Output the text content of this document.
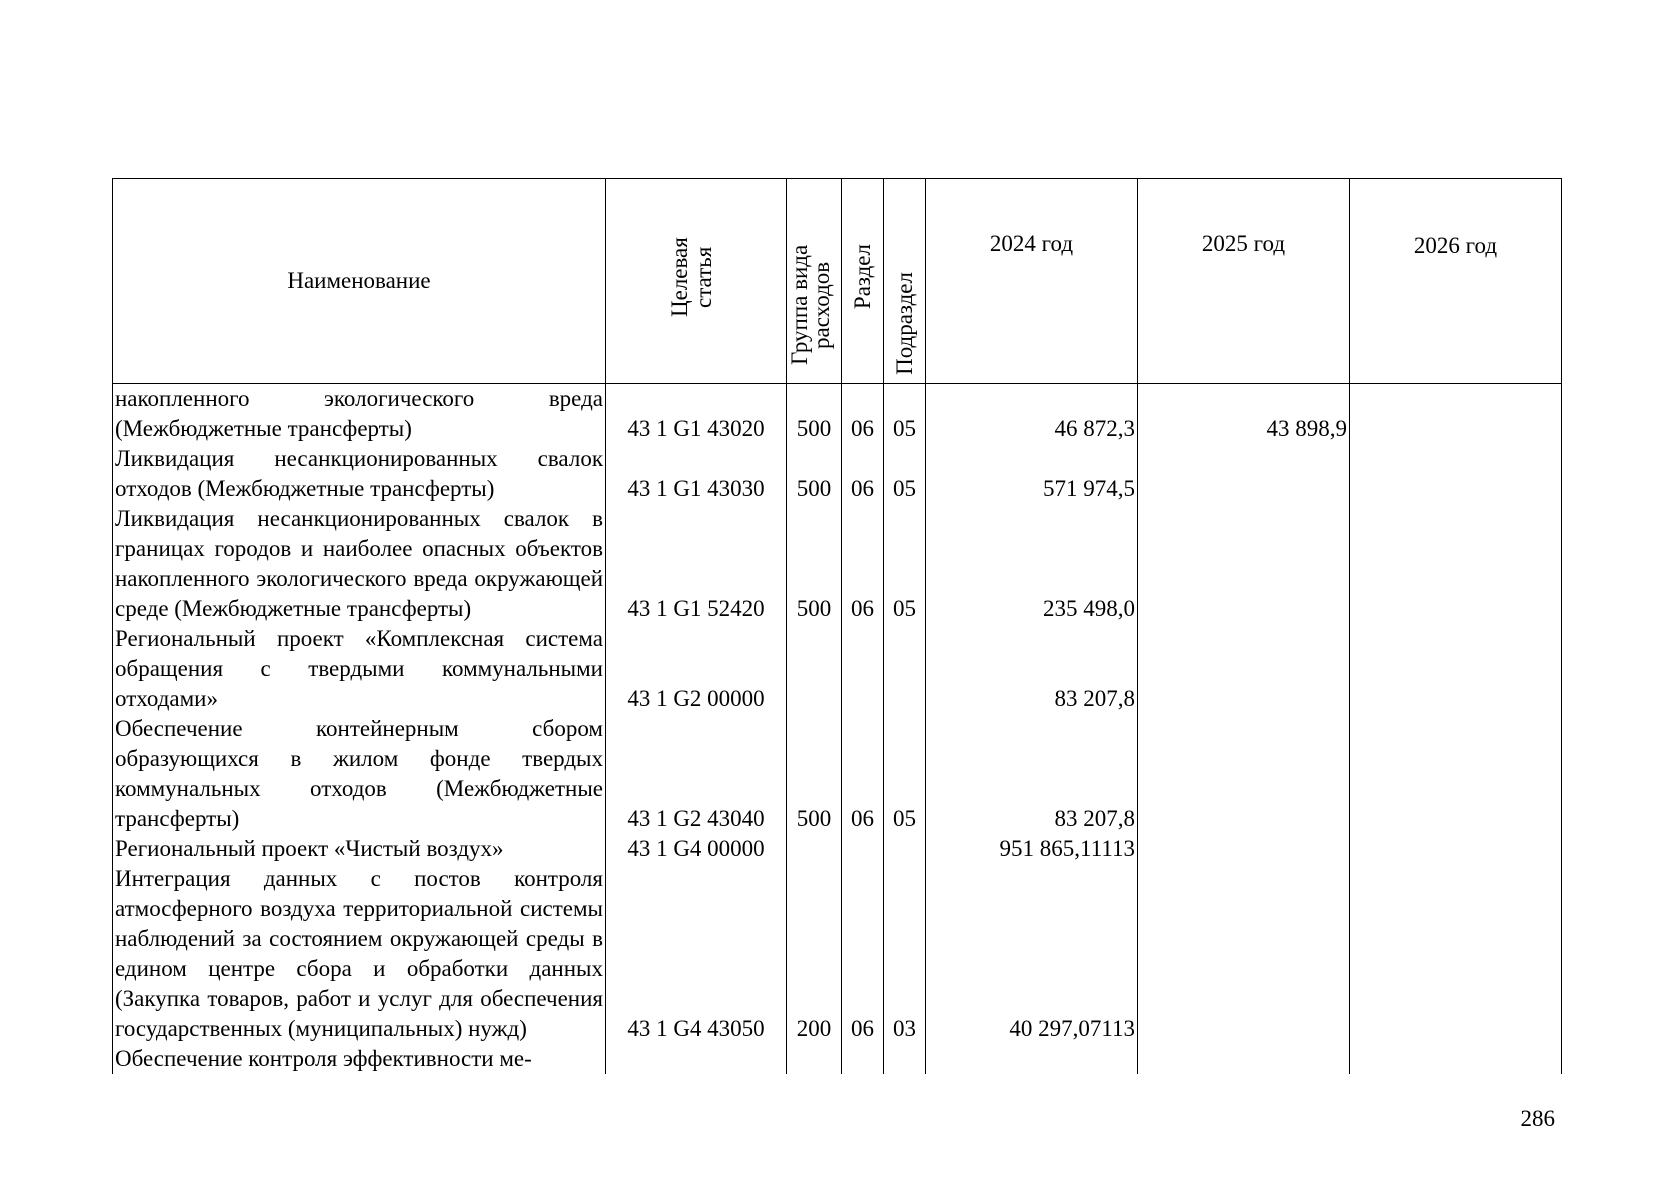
Наименование	Целевая статья	Группа вида расходов	Раздел	Подраздел	2024 год	2025 год	2026 год
накопленного экологического вреда (Межбюджетные трансферты)	43 1 G1 43020	500	06	05	46 872,3	43 898,9	
Ликвидация несанкционированных свалок отходов (Межбюджетные трансферты)	43 1 G1 43030	500	06	05	571 974,5		
Ликвидация несанкционированных свалок в границах городов и наиболее опасных объектов накопленного экологического вреда окружающей среде (Межбюджетные трансферты)	43 1 G1 52420	500	06	05	235 498,0		
Региональный проект «Комплексная система обращения с твердыми коммунальными отходами»	43 1 G2 00000				83 207,8		
Обеспечение контейнерным сбором образующихся в жилом фонде твердых коммунальных отходов (Межбюджетные трансферты)	43 1 G2 43040	500	06	05	83 207,8		
Региональный проект «Чистый воздух»	43 1 G4 00000				951 865,11113		
Интеграция данных с постов контроля атмосферного воздуха территориальной системы наблюдений за состоянием окружающей среды в едином центре сбора и обработки данных (Закупка товаров, работ и услуг для обеспечения государственных (муниципальных) нужд)	43 1 G4 43050	200	06	03	40 297,07113		
Обеспечение контроля эффективности ме-							
286
